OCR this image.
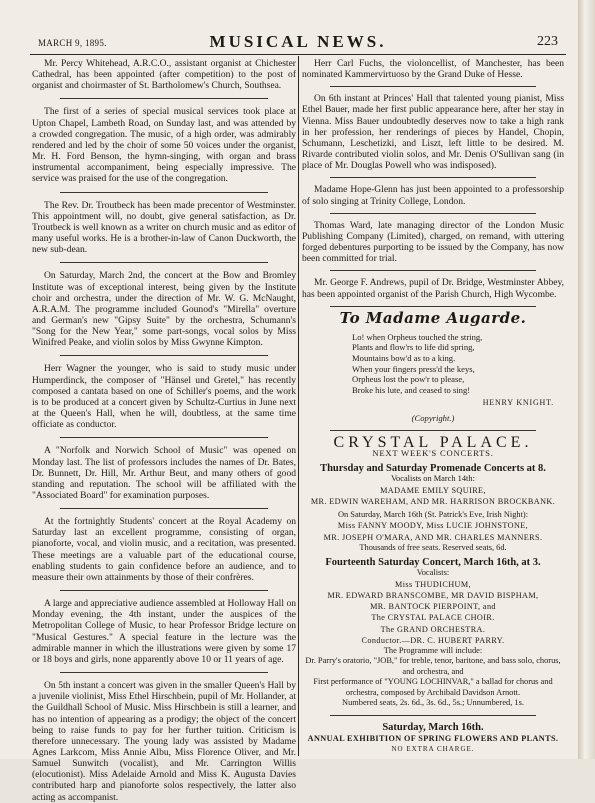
MARCH 9, 1895.	MUSICAL NEWS.	223

Mr. Percy Whitehead, A.R.C.O., assistant organist at Chichester Cathedral, has been appointed (after competition) to the post of organist and choirmaster of St. Bartholomew's Church, Southsea.

The first of a series of special musical services took place at Upton Chapel, Lambeth Road, on Sunday last, and was attended by a crowded congregation. The music, of a high order, was admirably rendered and led by the choir of some 50 voices under the organist, Mr. H. Ford Benson, the hymn-singing, with organ and brass instrumental accompaniment, being especially impressive. The service was praised for the use of the congregation.

The Rev. Dr. Troutbeck has been made precentor of Westminster. This appointment will, no doubt, give general satisfaction, as Dr. Troutbeck is well known as a writer on church music and as editor of many useful works. He is a brother-in-law of Canon Duckworth, the new sub-dean.

On Saturday, March 2nd, the concert at the Bow and Bromley Institute was of exceptional interest, being given by the Institute choir and orchestra, under the direction of Mr. W. G. McNaught, A.R.A.M. The programme included Gounod's "Mirella" overture and German's new "Gipsy Suite" by the orchestra, Schumann's "Song for the New Year," some part-songs, vocal solos by Miss Winifred Peake, and violin solos by Miss Gwynne Kimpton.

Herr Wagner the younger, who is said to study music under Humperdinck, the composer of "Hänsel und Gretel," has recently composed a cantata based on one of Schiller's poems, and the work is to be produced at a concert given by Schultz-Curtius in June next at the Queen's Hall, when he will, doubtless, at the same time officiate as conductor.

A "Norfolk and Norwich School of Music" was opened on Monday last. The list of professors includes the names of Dr. Bates, Dr. Bunnett, Dr. Hill, Mr. Arthur Beut, and many others of good standing and reputation. The school will be affiliated with the "Associated Board" for examination purposes.

At the fortnightly Students' concert at the Royal Academy on Saturday last an excellent programme, consisting of organ, pianoforte, vocal, and violin music, and a recitation, was presented. These meetings are a valuable part of the educational course, enabling students to gain confidence before an audience, and to measure their own attainments by those of their confrères.

A large and appreciative audience assembled at Holloway Hall on Monday evening, the 4th instant, under the auspices of the Metropolitan College of Music, to hear Professor Bridge lecture on "Musical Gestures." A special feature in the lecture was the admirable manner in which the illustrations were given by some 17 or 18 boys and girls, none apparently above 10 or 11 years of age.

On 5th instant a concert was given in the smaller Queen's Hall by a juvenile violinist, Miss Ethel Hirschbein, pupil of Mr. Hollander, at the Guildhall School of Music. Miss Hirschbein is still a learner, and has no intention of appearing as a prodigy; the object of the concert being to raise funds to pay for her further tuition. Criticism is therefore unnecessary. The young lady was assisted by Madame Agnes Larkcom, Miss Annie Albu, Miss Florence Oliver, and Mr. Samuel Sunwitch (vocalist), and Mr. Carrington Willis (elocutionist). Miss Adelaide Arnold and Miss K. Augusta Davies contributed harp and pianoforte solos respectively, the latter also acting as accompanist.

Herr Carl Fuchs, the violoncellist, of Manchester, has been nominated Kammervirtuoso by the Grand Duke of Hesse.

On 6th instant at Princes' Hall that talented young pianist, Miss Ethel Bauer, made her first public appearance here, after her stay in Vienna. Miss Bauer undoubtedly deserves now to take a high rank in her profession, her renderings of pieces by Handel, Chopin, Schumann, Leschetizki, and Liszt, left little to be desired. M. Rivarde contributed violin solos, and Mr. Denis O'Sullivan sang (in place of Mr. Douglas Powell who was indisposed).

Madame Hope-Glenn has just been appointed to a professorship of solo singing at Trinity College, London.

Thomas Ward, late managing director of the London Music Publishing Company (Limited), charged, on remand, with uttering forged debentures purporting to be issued by the Company, has now been committed for trial.

Mr. George F. Andrews, pupil of Dr. Bridge, Westminster Abbey, has been appointed organist of the Parish Church, High Wycombe.

To Madame Augarde.
Lo! when Orpheus touched the string,
Plants and flow'rs to life did spring,
Mountains bow'd as to a king.
When your fingers press'd the keys,
Orpheus lost the pow'r to please,
Broke his lute, and ceased to sing!
HENRY KNIGHT.
(Copyright.)
CRYSTAL PALACE.
NEXT WEEK'S CONCERTS.
Thursday and Saturday Promenade Concerts at 8.
Vocalists on March 14th:
MADAME EMILY SQUIRE,
MR. EDWIN WAREHAM, AND MR. HARRISON BROCKBANK.
On Saturday, March 16th (St. Patrick's Eve, Irish Night):
Miss FANNY MOODY, Miss LUCIE JOHNSTONE,
MR. JOSEPH O'MARA, AND MR. CHARLES MANNERS.
Thousands of free seats. Reserved seats, 6d.
Fourteenth Saturday Concert, March 16th, at 3.
Vocalists:
Miss THUDICHUM,
MR. EDWARD BRANSCOMBE, MR DAVID BISPHAM,
MR. BANTOCK PIERPOINT, and
The CRYSTAL PALACE CHOIR.
The GRAND ORCHESTRA.
Conductor.—DR. C. HUBERT PARRY.
The Programme will include:
Dr. Parry's oratorio, "JOB," for treble, tenor, baritone, and bass solo, chorus, and orchestra, and
First performance of "YOUNG LOCHINVAR," a ballad for chorus and orchestra, composed by Archibald Davidson Arnott.
Numbered seats, 2s. 6d., 3s. 6d., 5s.; Unnumbered, 1s.
Saturday, March 16th.
ANNUAL EXHIBITION OF SPRING FLOWERS AND PLANTS.
NO EXTRA CHARGE.
